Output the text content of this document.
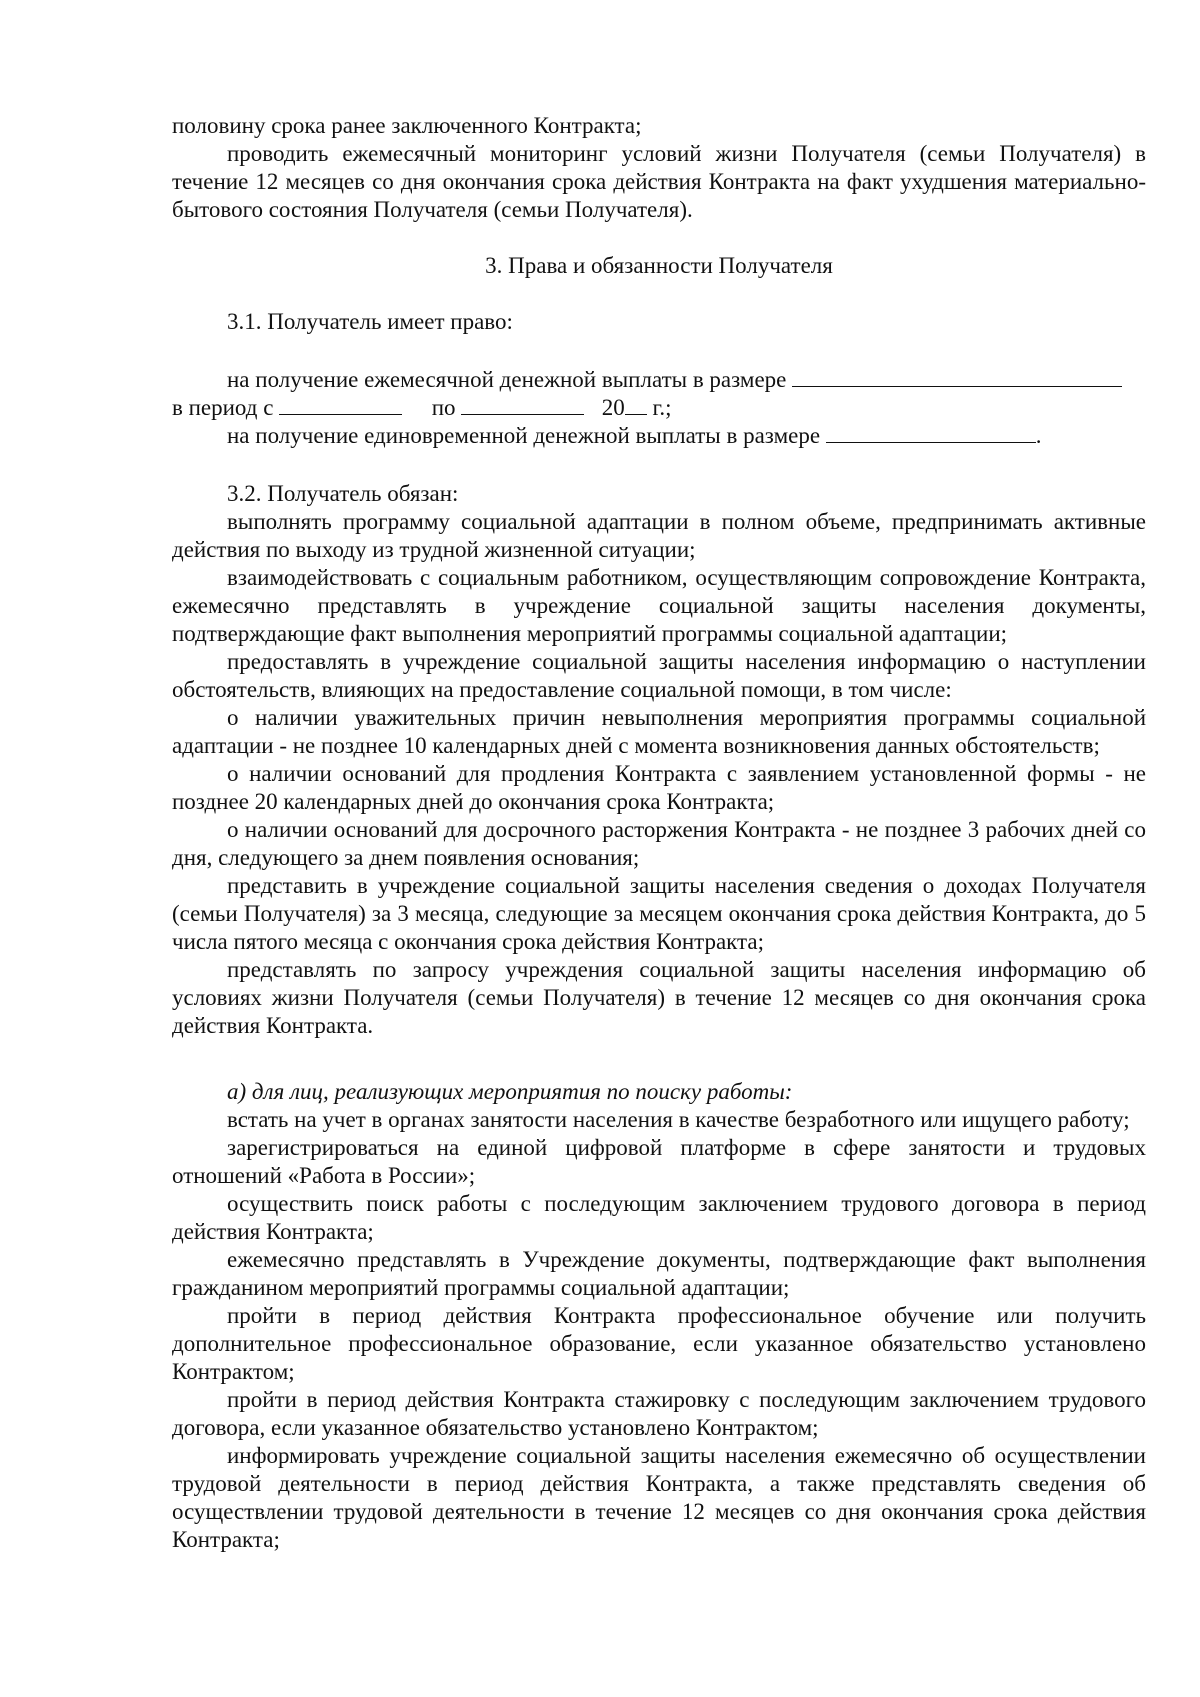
половину срока ранее заключенного Контракта;

проводить ежемесячный мониторинг условий жизни Получателя (семьи Получателя) в течение 12 месяцев со дня окончания срока действия Контракта на факт ухудшения материально-бытового состояния Получателя (семьи Получателя).

3. Права и обязанности Получателя

3.1. Получатель имеет право:

на получение ежемесячной денежной выплаты в размере

в период с	по	20 г.;

на получение единовременной денежной выплаты в размере	.

3.2. Получатель обязан:

выполнять программу социальной адаптации в полном объеме, предпринимать активные действия по выходу из трудной жизненной ситуации;

взаимодействовать с социальным работником, осуществляющим сопровождение Контракта, ежемесячно представлять в учреждение социальной защиты населения документы, подтверждающие факт выполнения мероприятий программы социальной адаптации;

предоставлять в учреждение социальной защиты населения информацию о наступлении обстоятельств, влияющих на предоставление социальной помощи, в том числе:

о наличии уважительных причин невыполнения мероприятия программы социальной адаптации - не позднее 10 календарных дней с момента возникновения данных обстоятельств;

о наличии оснований для продления Контракта с заявлением установленной формы - не позднее 20 календарных дней до окончания срока Контракта;

о наличии оснований для досрочного расторжения Контракта - не позднее 3 рабочих дней со дня, следующего за днем появления основания;

представить в учреждение социальной защиты населения сведения о доходах Получателя (семьи Получателя) за 3 месяца, следующие за месяцем окончания срока действия Контракта, до 5 числа пятого месяца с окончания срока действия Контракта;

представлять по запросу учреждения социальной защиты населения информацию об условиях жизни Получателя (семьи Получателя) в течение 12 месяцев со дня окончания срока действия Контракта.

а) для лиц, реализующих мероприятия по поиску работы:

встать на учет в органах занятости населения в качестве безработного или ищущего работу;

зарегистрироваться на единой цифровой платформе в сфере занятости и трудовых отношений «Работа в России»;

осуществить поиск работы с последующим заключением трудового договора в период действия Контракта;

ежемесячно представлять в Учреждение документы, подтверждающие факт выполнения гражданином мероприятий программы социальной адаптации;

пройти в период действия Контракта профессиональное обучение или получить дополнительное профессиональное образование, если указанное обязательство установлено Контрактом;

пройти в период действия Контракта стажировку с последующим заключением трудового договора, если указанное обязательство установлено Контрактом;

информировать учреждение социальной защиты населения ежемесячно об осуществлении трудовой деятельности в период действия Контракта, а также представлять сведения об осуществлении трудовой деятельности в течение 12 месяцев со дня окончания срока действия Контракта;
